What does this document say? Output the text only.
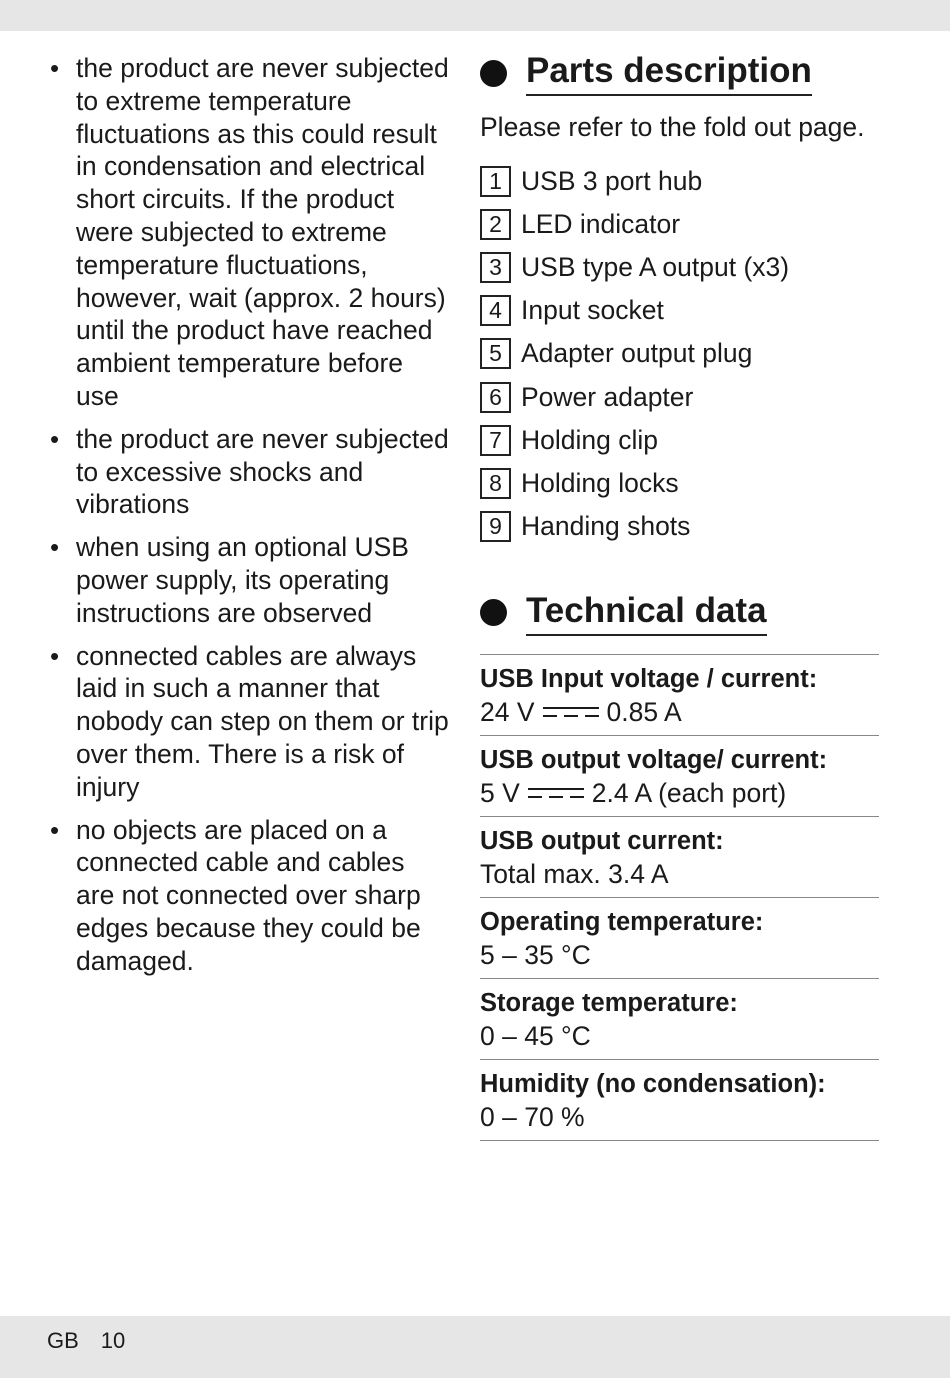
• the product are never subjected to extreme temperature fluctuations as this could result in condensation and electrical short circuits. If the product were subjected to extreme temperature fluctuations, however, wait (approx. 2 hours) until the product have reached ambient temperature before use
• the product are never subjected to excessive shocks and vibrations
• when using an optional USB power supply, its operating instructions are observed
• connected cables are always laid in such a manner that nobody can step on them or trip over them. There is a risk of injury
• no objects are placed on a connected cable and cables are not connected over sharp edges because they could be damaged.
Parts description
Please refer to the fold out page.
1 USB 3 port hub
2 LED indicator
3 USB type A output (x3)
4 Input socket
5 Adapter output plug
6 Power adapter
7 Holding clip
8 Holding locks
9 Handing shots
Technical data
USB Input voltage / current:
24 V	0.85 A
USB output voltage/ current:
5 V	2.4 A (each port)
USB output current:
Total max. 3.4 A
Operating temperature:
5 – 35 °C
Storage temperature:
0 – 45 °C
Humidity (no condensation):
0 – 70 %
GB 10
